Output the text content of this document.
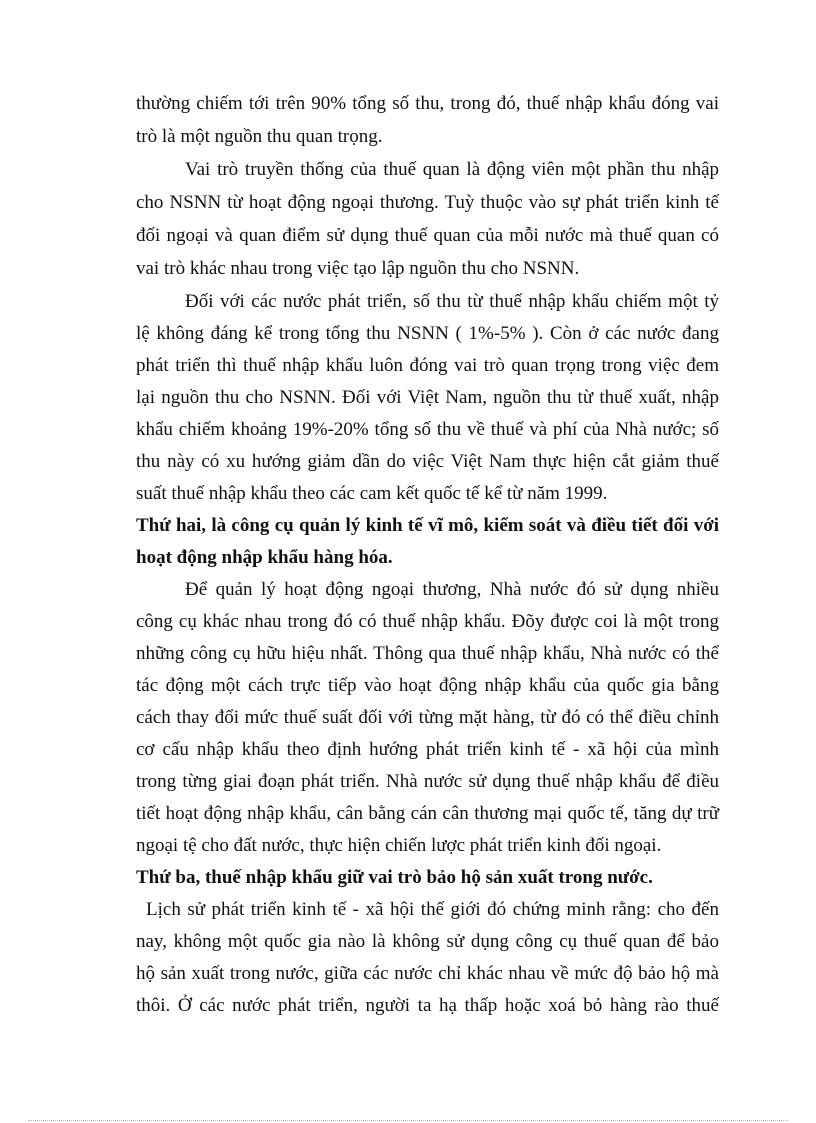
thường chiếm tới trên 90% tổng số thu, trong đó, thuế nhập khẩu đóng vai

trò là một nguồn thu quan trọng.

Vai trò truyền thống của thuế quan là động viên một phần thu nhập

cho NSNN từ hoạt động ngoại thương. Tuỳ thuộc vào sự phát triển kinh tế

đối ngoại và quan điểm sử dụng thuế quan của mỗi nước mà thuế quan có

vai trò khác nhau trong việc tạo lập nguồn thu cho NSNN.

Đối với các nước phát triển, số thu từ thuế nhập khẩu chiếm một tỷ

lệ không đáng kể trong tổng thu NSNN ( 1%-5% ). Còn ở các nước đang

phát triển thì thuế nhập khẩu luôn đóng vai trò quan trọng trong việc đem

lại nguồn thu cho NSNN. Đối với Việt Nam, nguồn thu từ thuế xuất, nhập

khẩu chiếm khoảng 19%-20% tổng số thu về thuế và phí của Nhà nước; số

thu này có xu hướng giảm dần do việc Việt Nam thực hiện cắt giảm thuế

suất thuế nhập khẩu theo các cam kết quốc tế kể từ năm 1999.

Thứ hai, là công cụ quản lý kinh tế vĩ mô, kiểm soát và điều tiết đối với

hoạt động nhập khẩu hàng hóa.

Để quản lý hoạt động ngoại thương, Nhà nước đó sử dụng nhiều

công cụ khác nhau trong đó có thuế nhập khẩu. Đõy được coi là một trong

những công cụ hữu hiệu nhất. Thông qua thuế nhập khẩu, Nhà nước có thể

tác động một cách trực tiếp vào hoạt động nhập khẩu của quốc gia bằng

cách thay đổi mức thuế suất đối với từng mặt hàng, từ đó có thể điều chỉnh

cơ cấu nhập khẩu theo định hướng phát triển kinh tế - xã hội của mình

trong từng giai đoạn phát triển. Nhà nước sử dụng thuế nhập khẩu để điều

tiết hoạt động nhập khẩu, cân bằng cán cân thương mại quốc tế, tăng dự trữ

ngoại tệ cho đất nước, thực hiện chiến lược phát triển kinh đối ngoại.

Thứ ba, thuế nhập khẩu giữ vai trò bảo hộ sản xuất trong nước.

Lịch sử phát triển kinh tế - xã hội thế giới đó chứng minh rằng: cho đến

nay, không một quốc gia nào là không sử dụng công cụ thuế quan để bảo

hộ sản xuất trong nước, giữa các nước chỉ khác nhau về mức độ bảo hộ mà

thôi. Ở các nước phát triển, người ta hạ thấp hoặc xoá bỏ hàng rào thuế
